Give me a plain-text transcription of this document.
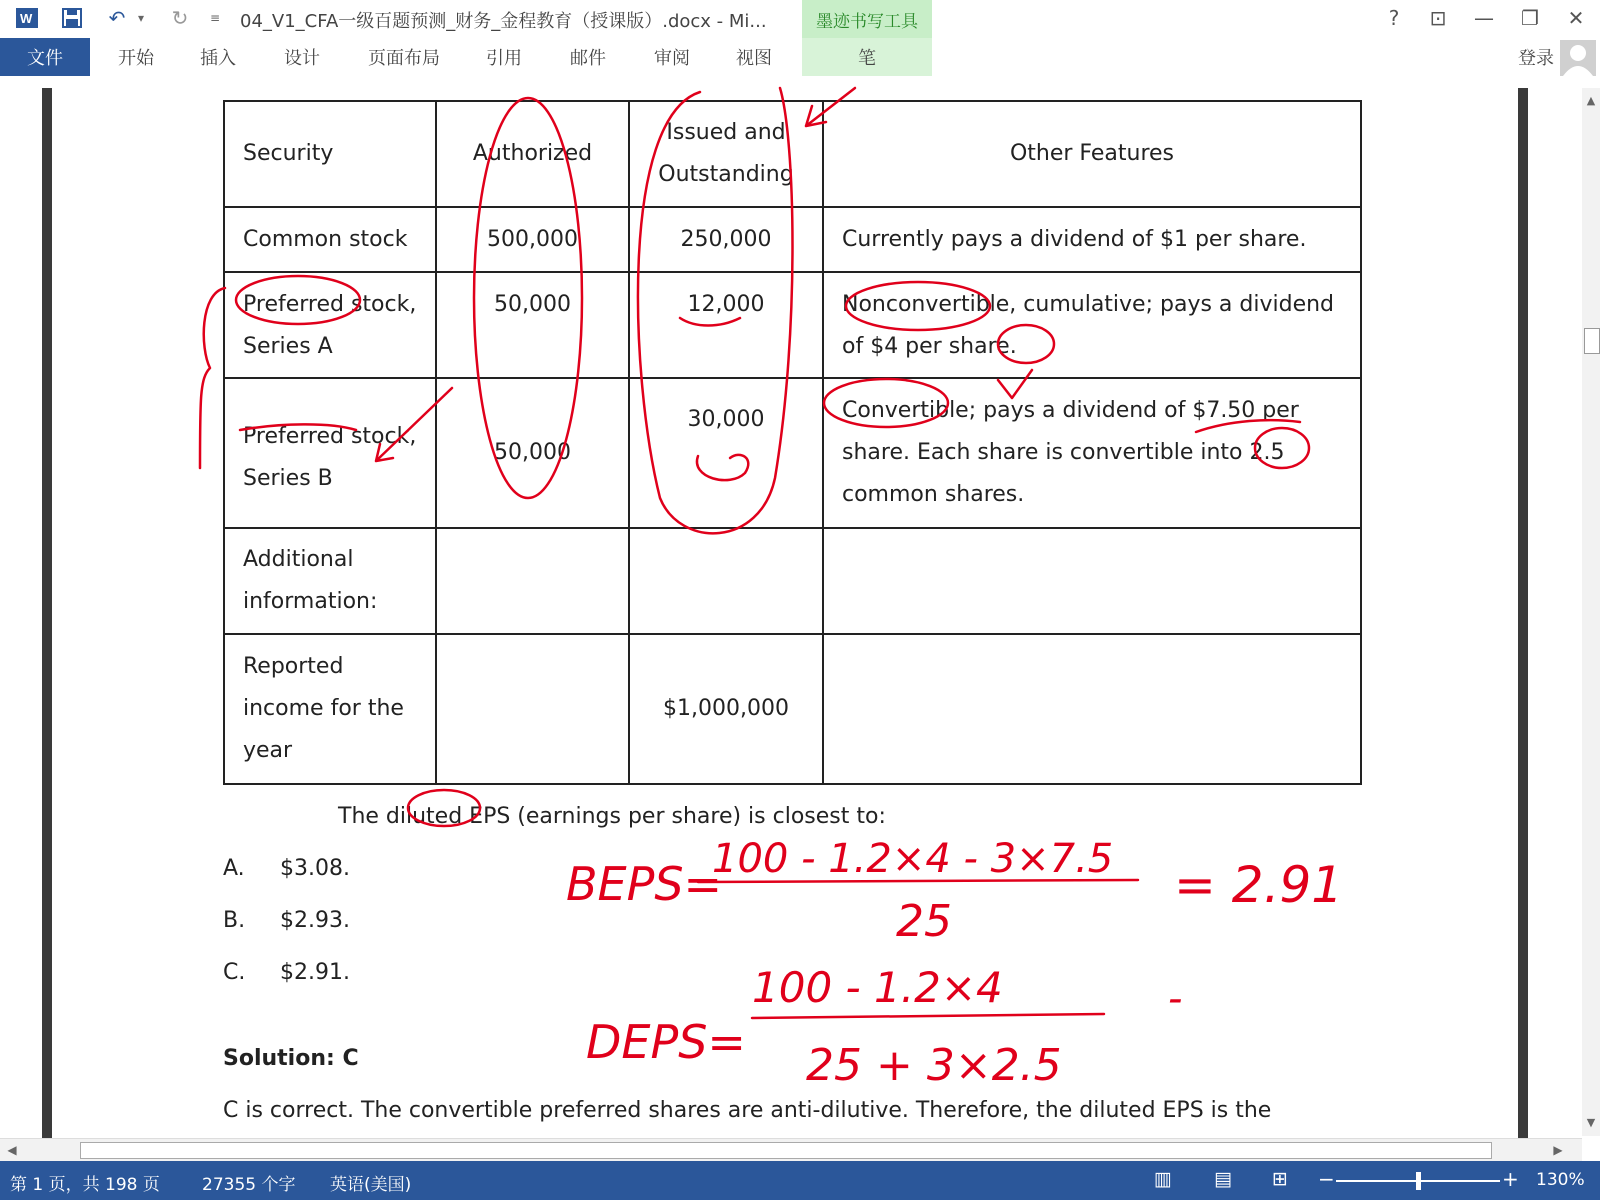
W	↶	▾ ↻	≡ 04_V1_CFA一级百题预测_财务_金程教育（授课版）.docx - Mi...	墨迹书写工具	?	⊡	—	❐	✕
文件	开始	插入	设计	页面布局	引用	邮件	审阅	视图	笔	登录
Security	Authorized	Issued and Outstanding	Other Features
Common stock	500,000	250,000	Currently pays a dividend of $1 per share.
Preferred stock, Series A	50,000	12,000	Nonconvertible, cumulative; pays a dividend of $4 per share.
Preferred stock, Series B	50,000	30,000	Convertible; pays a dividend of $7.50 per share. Each share is convertible into 2.5 common shares.
Additional information:			
Reported income for the year		$1,000,000	
The diluted EPS (earnings per share) is closest to:
A. $3.08.
B. $2.93.
C. $2.91.
Solution: C
C is correct. The convertible preferred shares are anti-dilutive. Therefore, the diluted EPS is the
BEPS=
100 - 1.2×4 - 3×7.5
25
= 2.91
DEPS=
100 - 1.2×4
25 + 3×2.5
-
▲
▼
◀	▶
第 1 页，共 198 页 27355 个字 英语(美国)	▥ ▤ ⊞ −	+ 130%
